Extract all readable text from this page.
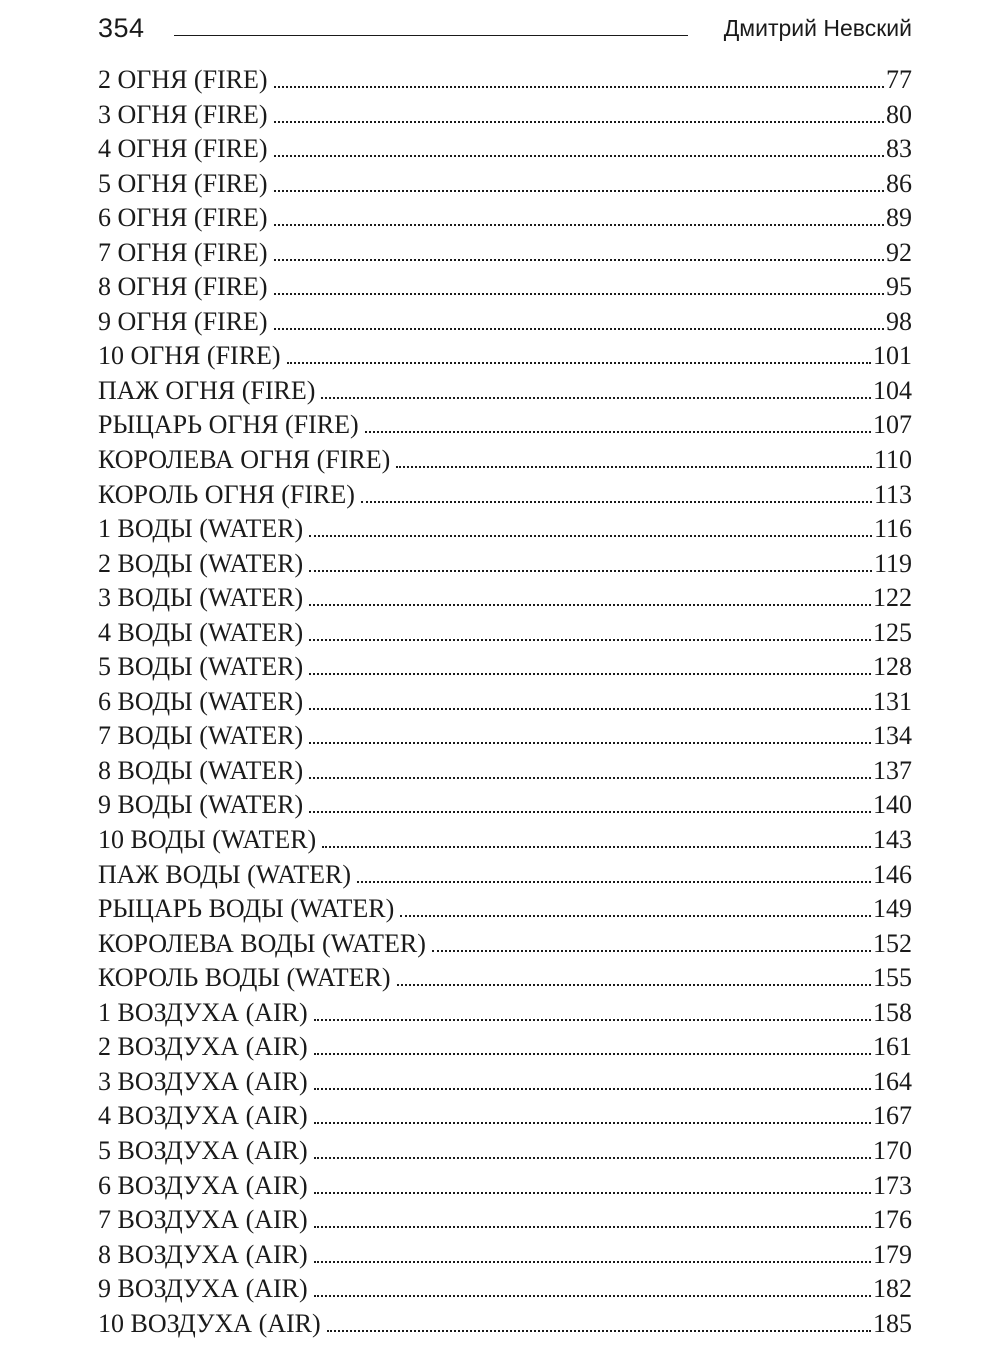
354	Дмитрий Невский
2 ОГНЯ (FIRE)	77
3 ОГНЯ (FIRE)	80
4 ОГНЯ (FIRE)	83
5 ОГНЯ (FIRE)	86
6 ОГНЯ (FIRE)	89
7 ОГНЯ (FIRE)	92
8 ОГНЯ (FIRE)	95
9 ОГНЯ (FIRE)	98
10 ОГНЯ (FIRE)	101
ПАЖ ОГНЯ (FIRE)	104
РЫЦАРЬ ОГНЯ (FIRE)	107
КОРОЛЕВА ОГНЯ (FIRE)	110
КОРОЛЬ ОГНЯ (FIRE)	113
1 ВОДЫ (WATER)	116
2 ВОДЫ (WATER)	119
3 ВОДЫ (WATER)	122
4 ВОДЫ (WATER)	125
5 ВОДЫ (WATER)	128
6 ВОДЫ (WATER)	131
7 ВОДЫ (WATER)	134
8 ВОДЫ (WATER)	137
9 ВОДЫ (WATER)	140
10 ВОДЫ (WATER)	143
ПАЖ ВОДЫ (WATER)	146
РЫЦАРЬ ВОДЫ (WATER)	149
КОРОЛЕВА ВОДЫ (WATER)	152
КОРОЛЬ ВОДЫ (WATER)	155
1 ВОЗДУХА (AIR)	158
2 ВОЗДУХА (AIR)	161
3 ВОЗДУХА (AIR)	164
4 ВОЗДУХА (AIR)	167
5 ВОЗДУХА (AIR)	170
6 ВОЗДУХА (AIR)	173
7 ВОЗДУХА (AIR)	176
8 ВОЗДУХА (AIR)	179
9 ВОЗДУХА (AIR)	182
10 ВОЗДУХА (AIR)	185
